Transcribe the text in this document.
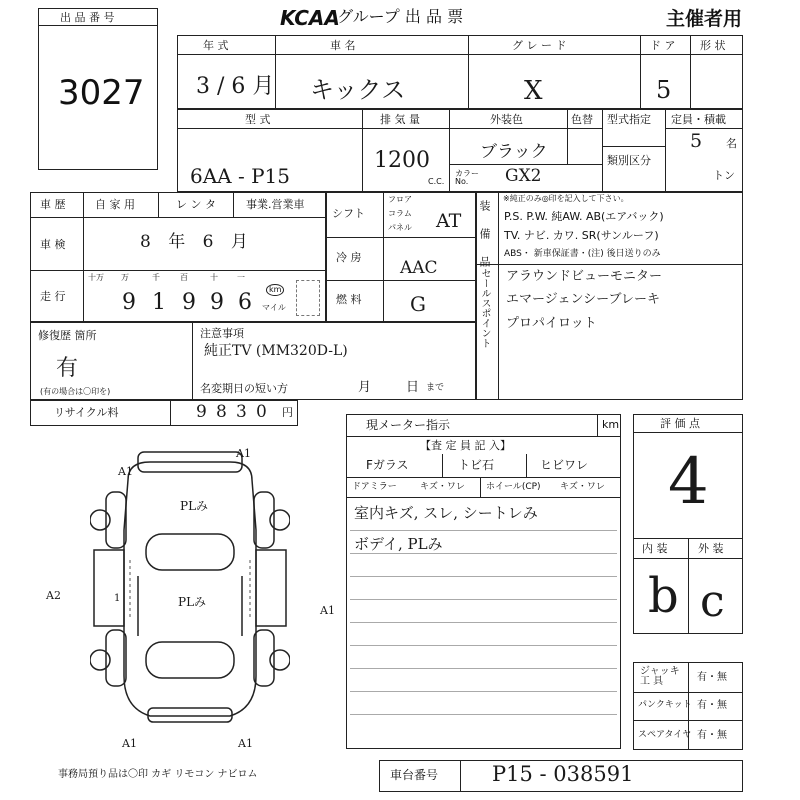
出 品 番 号
3027
KCAA
.グループ 出 品 票	主催者用
年 式
3 / 6 月
車 名
キックス
グ レ ー ド
X
ド ア
5
形 状
型 式
6AA - P15
排 気 量
1200
C.C.
外装色
ブラック
色替
カラー No.	GX2
型式指定
類別区分
定員・積載
5 名
トン
車 歴	自 家 用	レ ン タ	事業.営業車
車 検	8 年 6 月
走 行
十万 万	千	百	十 一
9 1 9 9 6
km
マイル
シフト
フロア
コラム
パネル AT
冷 房
AAC
燃 料 G
装 備 品
※純正のみ◎印を記入して下さい。
P.S. P.W. 純AW. AB(エアバック)
TV. ナビ. カワ. SR(サンルーフ)
ABS・ 新車保証書・(注) 後日送りのみ
セールスポイント アラウンドビューモニター
エマージェンシーブレーキ
プロパイロット
修復歴 箇所
有
(有の場合は〇印を)
注意事項
純正TV (MM320D-L)
名変期日の短い方	月	日 まで
リサイクル料	9 8 3 0 円
A1
A1
A2
A1
A1	A1
1
PLみ
PLみ
現メーター指示	km
【査 定 員 記 入】
Fガラス	トビ石	ヒビワレ
ドアミラー	キズ・ワレ ホイール(CP) キズ・ワレ
室内キズ, スレ, シートレみ
ボデイ, PLみ
評 価 点
4
内 装	外 装
b c
ジャッキ 工 具	有・無
パンクキット 有・無
スペアタイヤ 有・無
事務局預り品は〇印 カギ リモコン ナビロム	車台番号	P15 - 038591
